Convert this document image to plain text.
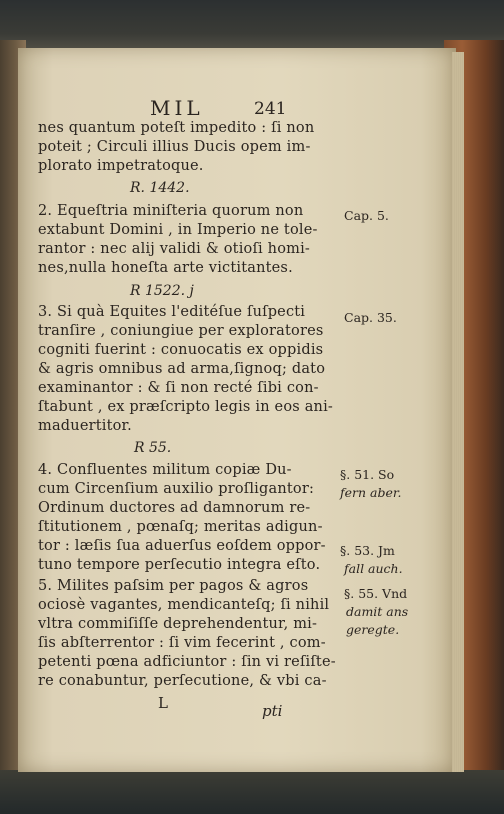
MIL	241
nes quantum poteſt impedito : ſi non
poteit ; Circuli illius Ducis opem im-
plorato impetratoque.
R. 1442.
2. Equeſtria miniſteria quorum non
extabunt Domini , in Imperio ne tole-
rantor : nec alij validi & otioſi homi-
nes,nulla honeſta arte victitantes.
R 1522. j
3. Si quà Equites l'editéſue ſuſpecti
tranſire , coniungiue per exploratores
cogniti fuerint : conuocatis ex oppidis
& agris omnibus ad arma,ſignoq; dato
examinantor : & ſi non recté ſibi con-
ſtabunt , ex præſcripto legis in eos ani-
maduertitor.
R 55.
4. Confluentes militum copiæ Du-
cum Circenſium auxilio proſligantor:
Ordinum ductores ad damnorum re-
ſtitutionem , pœnaſq; meritas adigun-
tor : læſis ſua aduerſus eoſdem oppor-
tuno tempore perſecutio integra eſto.
5. Milites paſsim per pagos & agros
ociosè vagantes, mendicanteſq; ſi nihil
vltra commiſiſſe deprehendentur, mi-
ſis abſterrentor : ſi vim fecerint , com-
petenti pœna adficiuntor : ſin vi reſiſte-
re conabuntur, perſecutione, & vbi ca-
Cap. 5.
Cap. 35.
§. 51. So
fern aber.
§. 53. Jm
fall auch.
§. 55. Vnd
damit ans
geregte.
L	pti
